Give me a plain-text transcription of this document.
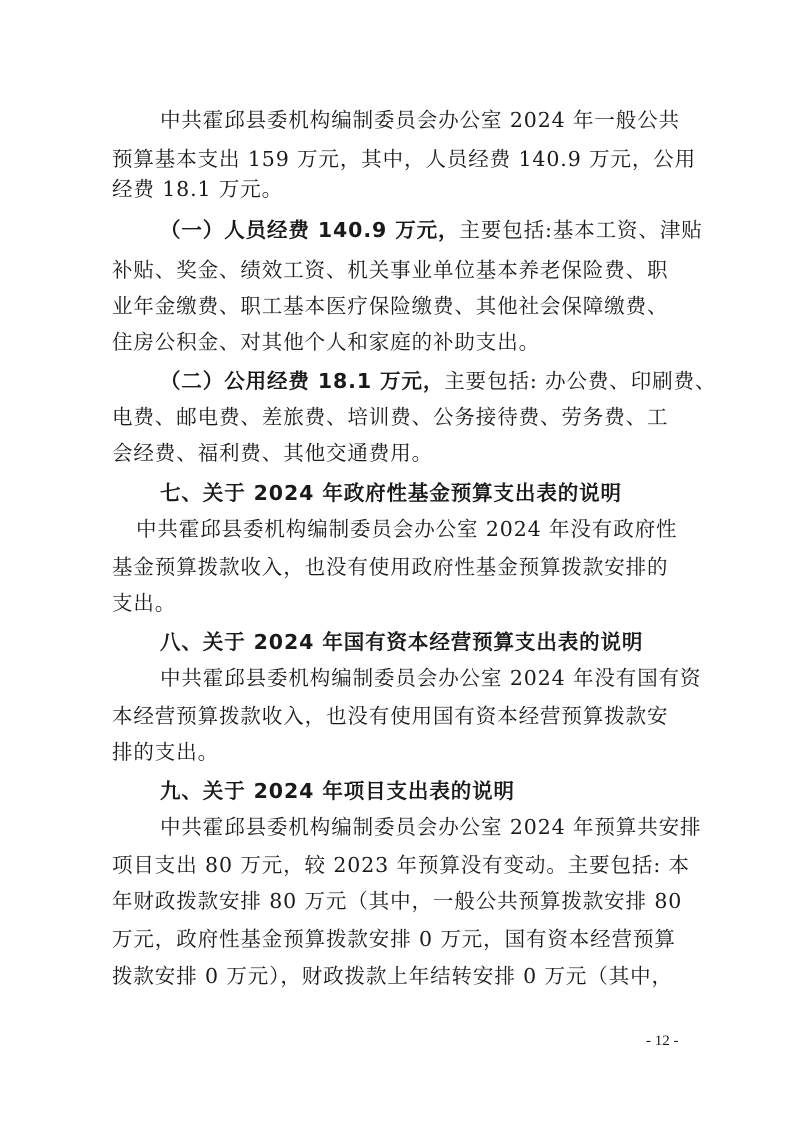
中共霍邱县委机构编制委员会办公室 2024 年一般公共
预算基本支出 159 万元，其中，人员经费 140.9 万元，公用
经费 18.1 万元。
（一）人员经费 140.9 万元，主要包括:基本工资、津贴
补贴、奖金、绩效工资、机关事业单位基本养老保险费、职
业年金缴费、职工基本医疗保险缴费、其他社会保障缴费、
住房公积金、对其他个人和家庭的补助支出。
（二）公用经费 18.1 万元，主要包括: 办公费、印刷费、
电费、邮电费、差旅费、培训费、公务接待费、劳务费、工
会经费、福利费、其他交通费用。
七、关于 2024 年政府性基金预算支出表的说明
中共霍邱县委机构编制委员会办公室 2024 年没有政府性
基金预算拨款收入，也没有使用政府性基金预算拨款安排的
支出。
八、关于 2024 年国有资本经营预算支出表的说明
中共霍邱县委机构编制委员会办公室 2024 年没有国有资
本经营预算拨款收入，也没有使用国有资本经营预算拨款安
排的支出。
九、关于 2024 年项目支出表的说明
中共霍邱县委机构编制委员会办公室 2024 年预算共安排
项目支出 80 万元，较 2023 年预算没有变动。主要包括: 本
年财政拨款安排 80 万元（其中，一般公共预算拨款安排 80
万元，政府性基金预算拨款安排 0 万元，国有资本经营预算
拨款安排 0 万元），财政拨款上年结转安排 0 万元（其中，
- 12 -
